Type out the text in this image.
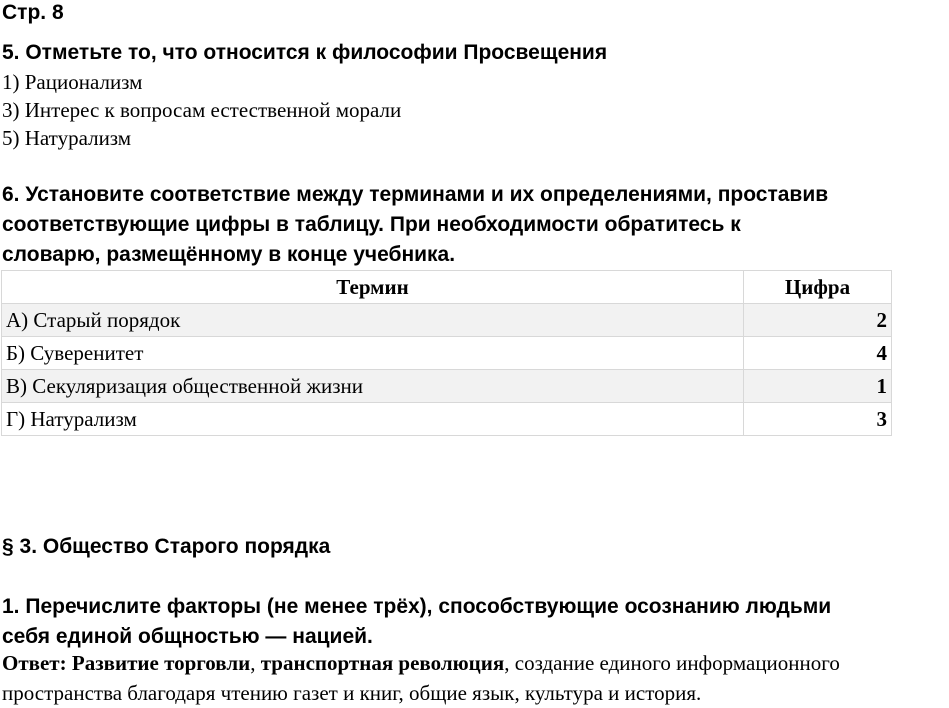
Стр. 8
5. Отметьте то, что относится к философии Просвещения
1) Рационализм
3) Интерес к вопросам естественной морали
5) Натурализм
6. Установите соответствие между терминами и их определениями, проставив
соответствующие цифры в таблицу. При необходимости обратитесь к
словарю, размещённому в конце учебника.
Термин	Цифра
А) Старый порядок	2
Б) Суверенитет	4
В) Секуляризация общественной жизни	1
Г) Натурализм	3
§ 3. Общество Старого порядка
1. Перечислите факторы (не менее трёх), способствующие осознанию людьми
себя единой общностью — нацией.
Ответ: Развитие торговли, транспортная революция, создание единого информационного пространства благодаря чтению газет и книг, общие язык, культура и история.
